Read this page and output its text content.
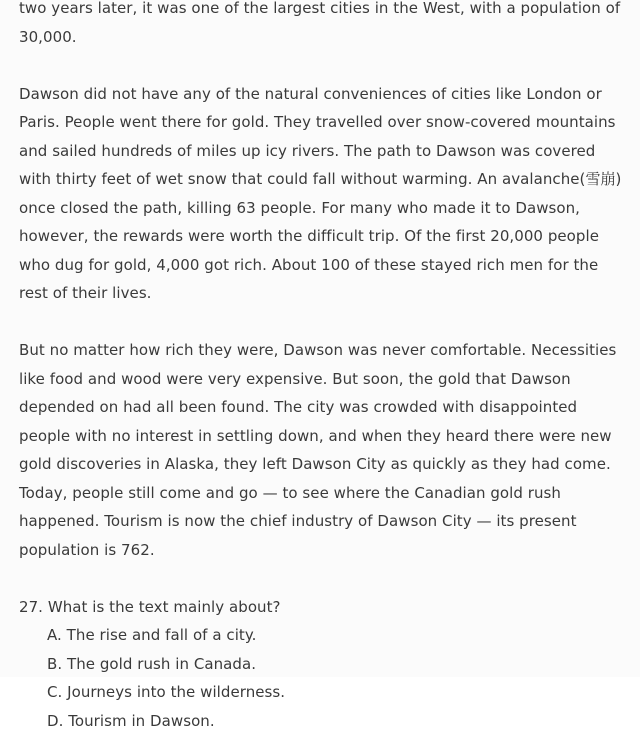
two years later, it was one of the largest cities in the West, with a population of 30,000.

Dawson did not have any of the natural conveniences of cities like London or Paris. People went there for gold. They travelled over snow-covered mountains and sailed hundreds of miles up icy rivers. The path to Dawson was covered with thirty feet of wet snow that could fall without warming. An avalanche(雪崩) once closed the path, killing 63 people. For many who made it to Dawson, however, the rewards were worth the difficult trip. Of the first 20,000 people who dug for gold, 4,000 got rich. About 100 of these stayed rich men for the rest of their lives.

But no matter how rich they were, Dawson was never comfortable. Necessities like food and wood were very expensive. But soon, the gold that Dawson depended on had all been found. The city was crowded with disappointed people with no interest in settling down, and when they heard there were new gold discoveries in Alaska, they left Dawson City as quickly as they had come. Today, people still come and go — to see where the Canadian gold rush happened. Tourism is now the chief industry of Dawson City — its present population is 762.

27. What is the text mainly about?

A. The rise and fall of a city.
B. The gold rush in Canada.
C. Journeys into the wilderness.
D. Tourism in Dawson.
